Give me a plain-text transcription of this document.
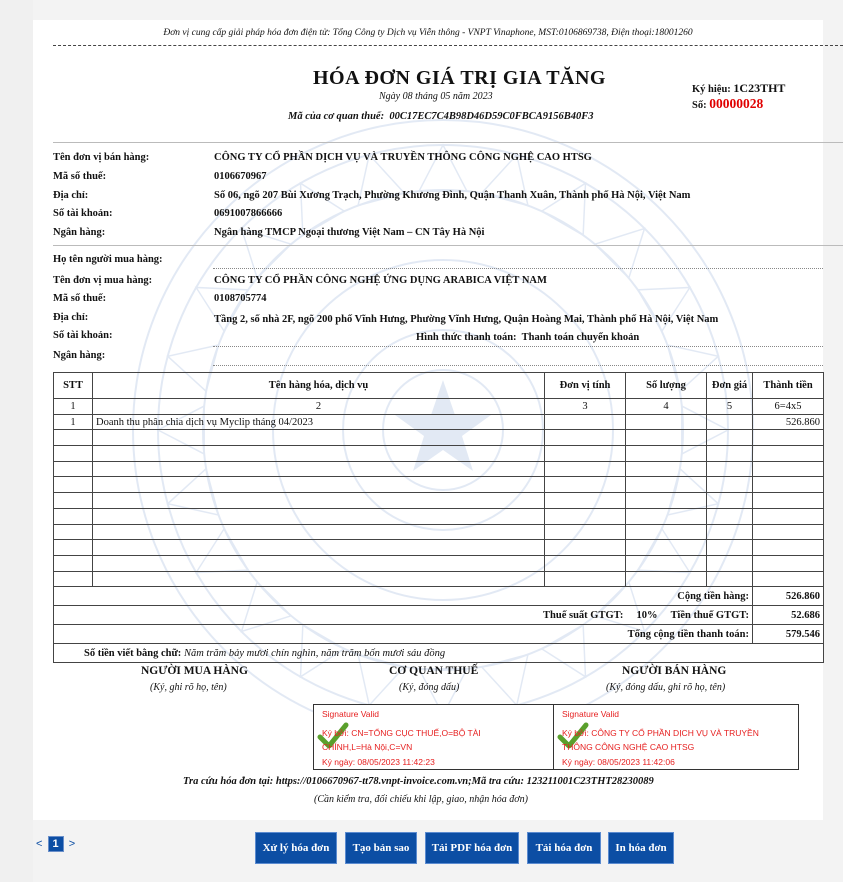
Đơn vị cung cấp giải pháp hóa đơn điện tử: Tổng Công ty Dịch vụ Viễn thông - VNPT Vinaphone, MST:0106869738, Điện thoại:18001260
HÓA ĐƠN GIÁ TRỊ GIA TĂNG
Ngày 08 tháng 05 năm 2023
Mã của cơ quan thuế: 00C17EC7C4B98D46D59C0FBCA9156B40F3
Ký hiệu: 1C23THT
Số: 00000028
Tên đơn vị bán hàng:	CÔNG TY CỔ PHẦN DỊCH VỤ VÀ TRUYỀN THÔNG CÔNG NGHỆ CAO HTSG
Mã số thuế:	0106670967
Địa chỉ:	Số 06, ngõ 207 Bùi Xương Trạch, Phường Khương Đình, Quận Thanh Xuân, Thành phố Hà Nội, Việt Nam
Số tài khoản:	0691007866666
Ngân hàng:	Ngân hàng TMCP Ngoại thương Việt Nam – CN Tây Hà Nội
Họ tên người mua hàng:
Tên đơn vị mua hàng:	CÔNG TY CỔ PHẦN CÔNG NGHỆ ỨNG DỤNG ARABICA VIỆT NAM
Mã số thuế:	0108705774
Địa chỉ:	Tầng 2, số nhà 2F, ngõ 200 phố Vĩnh Hưng, Phường Vĩnh Hưng, Quận Hoàng Mai, Thành phố Hà Nội, Việt Nam
Số tài khoản:	Hình thức thanh toán: Thanh toán chuyển khoản
Ngân hàng:
STT	Tên hàng hóa, dịch vụ	Đơn vị tính	Số lượng	Đơn giá	Thành tiền
1	2	3	4	5	6=4x5
1	Doanh thu phân chia dịch vụ Myclip tháng 04/2023				526.860

Cộng tiền hàng:					526.860
Thuế suất GTGT: 10% Tiền thuế GTGT:					52.686
Tổng cộng tiền thanh toán:					579.546
Số tiền viết bằng chữ: Năm trăm bảy mươi chín nghìn, năm trăm bốn mươi sáu đồng					
NGƯỜI MUA HÀNG
(Ký, ghi rõ họ, tên)
CƠ QUAN THUẾ
(Ký, đóng dấu)
NGƯỜI BÁN HÀNG
(Ký, đóng dấu, ghi rõ họ, tên)
Signature Valid
Ký bởi: CN=TỔNG CỤC THUẾ,O=BỘ TÀI
CHÍNH,L=Hà Nội,C=VN
Ký ngày: 08/05/2023 11:42:23
Signature Valid
Ký bởi: CÔNG TY CỔ PHẦN DỊCH VỤ VÀ TRUYỀN
THÔNG CÔNG NGHỆ CAO HTSG
Ký ngày: 08/05/2023 11:42:06
Tra cứu hóa đơn tại: https://0106670967-tt78.vnpt-invoice.com.vn;Mã tra cứu: 123211001C23THT28230089
(Cần kiểm tra, đối chiếu khi lập, giao, nhận hóa đơn)
< 1 >	Xử lý hóa đơn	Tạo bản sao	Tải PDF hóa đơn	Tải hóa đơn	In hóa đơn
